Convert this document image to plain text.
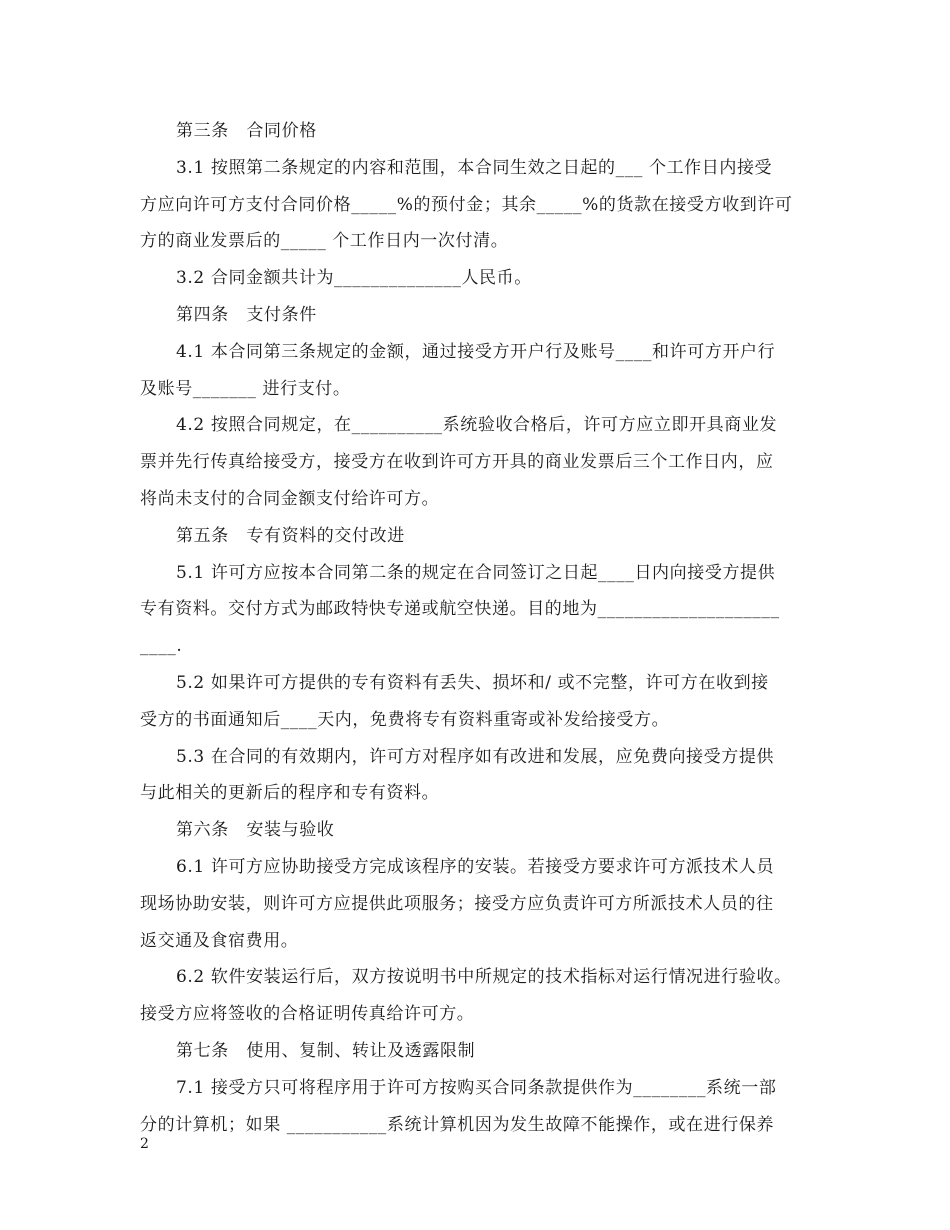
第三条　合同价格
3.1 按照第二条规定的内容和范围，本合同生效之日起的___ 个工作日内接受
方应向许可方支付合同价格_____%的预付金；其余_____%的货款在接受方收到许可
方的商业发票后的_____ 个工作日内一次付清。
3.2 合同金额共计为______________人民币。
第四条　支付条件
4.1 本合同第三条规定的金额，通过接受方开户行及账号____和许可方开户行
及账号_______ 进行支付。
4.2 按照合同规定，在__________系统验收合格后，许可方应立即开具商业发
票并先行传真给接受方，接受方在收到许可方开具的商业发票后三个工作日内，应
将尚未支付的合同金额支付给许可方。
第五条　专有资料的交付改进
5.1 许可方应按本合同第二条的规定在合同签订之日起____日内向接受方提供
专有资料。交付方式为邮政特快专递或航空快递。目的地为____________________
____.
5.2 如果许可方提供的专有资料有丢失、损坏和/ 或不完整，许可方在收到接
受方的书面通知后____天内，免费将专有资料重寄或补发给接受方。
5.3 在合同的有效期内，许可方对程序如有改进和发展，应免费向接受方提供
与此相关的更新后的程序和专有资料。
第六条　安装与验收
6.1 许可方应协助接受方完成该程序的安装。若接受方要求许可方派技术人员
现场协助安装，则许可方应提供此项服务；接受方应负责许可方所派技术人员的往
返交通及食宿费用。
6.2 软件安装运行后，双方按说明书中所规定的技术指标对运行情况进行验收。
接受方应将签收的合格证明传真给许可方。
第七条　使用、复制、转让及透露限制
7.1 接受方只可将程序用于许可方按购买合同条款提供作为________系统一部
分的计算机；如果 ___________系统计算机因为发生故障不能操作，或在进行保养
2
